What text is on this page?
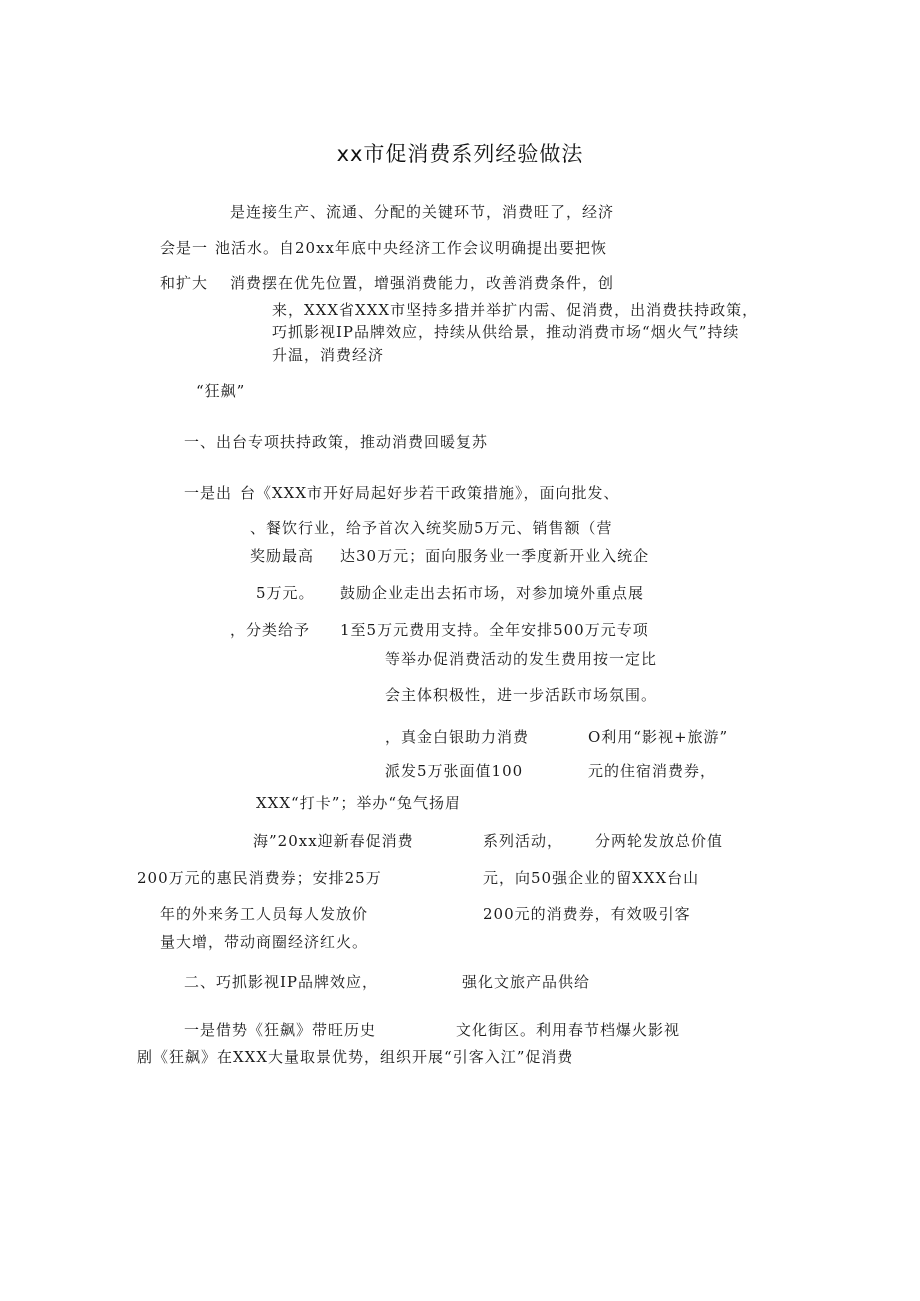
xx市促消费系列经验做法
是连接生产、流通、分配的关键环节，消费旺了，经济
会是一 池活水。自20xx年底中央经济工作会议明确提出要把恢
和扩大 消费摆在优先位置，增强消费能力，改善消费条件，创
来，XXX省XXX市坚持多措并举扩内需、促消费，出消费扶持政策，
巧抓影视IP品牌效应，持续从供给景，推动消费市场“烟火气”持续
升温，消费经济
“狂飙”
一、出台专项扶持政策，推动消费回暖复苏
一是出 台《XXX市开好局起好步若干政策措施》，面向批发、
、餐饮行业，给予首次入统奖励5万元、销售额（营
奖励最高 达30万元；面向服务业一季度新开业入统企
5万元。 鼓励企业走出去拓市场，对参加境外重点展
，分类给予 1至5万元费用支持。全年安排500万元专项
等举办促消费活动的发生费用按一定比
会主体积极性，进一步活跃市场氛围。
，真金白银助力消费	O利用“影视+旅游”
派发5万张面值100	元的住宿消费券，
XXX“打卡”；举办“兔气扬眉
海”20xx迎新春促消费	系列活动， 分两轮发放总价值
200万元的惠民消费券；安排25万	元，向50强企业的留XXX台山
年的外来务工人员每人发放价	200元的消费券，有效吸引客
量大增，带动商圈经济红火。
二、巧抓影视IP品牌效应，	强化文旅产品供给
一是借势《狂飙》带旺历史	文化街区。利用春节档爆火影视
剧《狂飙》在XXX大量取景优势，组织开展“引客入江”促消费
